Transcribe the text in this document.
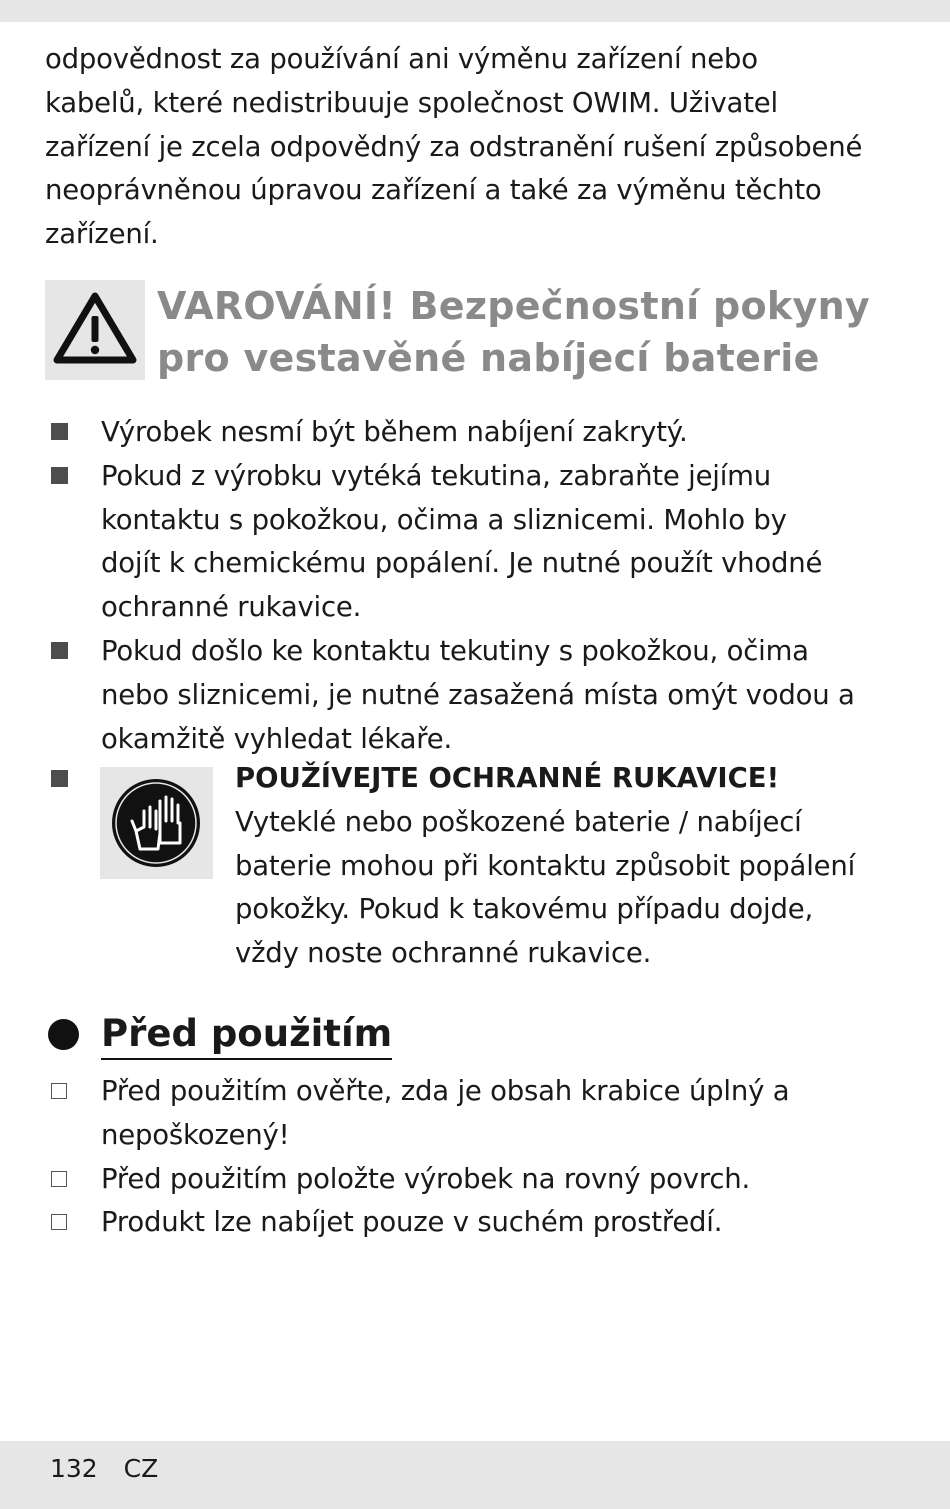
odpovědnost za používání ani výměnu zařízení nebo
kabelů, které nedistribuuje společnost OWIM. Uživatel
zařízení je zcela odpovědný za odstranění rušení způsobené
neoprávněnou úpravou zařízení a také za výměnu těchto
zařízení.

VAROVÁNÍ! Bezpečnostní pokyny
pro vestavěné nabíjecí baterie
Výrobek nesmí být během nabíjení zakrytý.
Pokud z výrobku vytéká tekutina, zabraňte jejímu
kontaktu s pokožkou, očima a sliznicemi. Mohlo by
dojít k chemickému popálení. Je nutné použít vhodné
ochranné rukavice.
Pokud došlo ke kontaktu tekutiny s pokožkou, očima
nebo sliznicemi, je nutné zasažená místa omýt vodou a
okamžitě vyhledat lékaře.
POUŽÍVEJTE OCHRANNÉ RUKAVICE!
Vyteklé nebo poškozené baterie / nabíjecí
baterie mohou při kontaktu způsobit popálení
pokožky. Pokud k takovému případu dojde,
vždy noste ochranné rukavice.
Před použitím
Před použitím ověřte, zda je obsah krabice úplný a
nepoškozený!
Před použitím položte výrobek na rovný povrch.
Produkt lze nabíjet pouze v suchém prostředí.
132 CZ
